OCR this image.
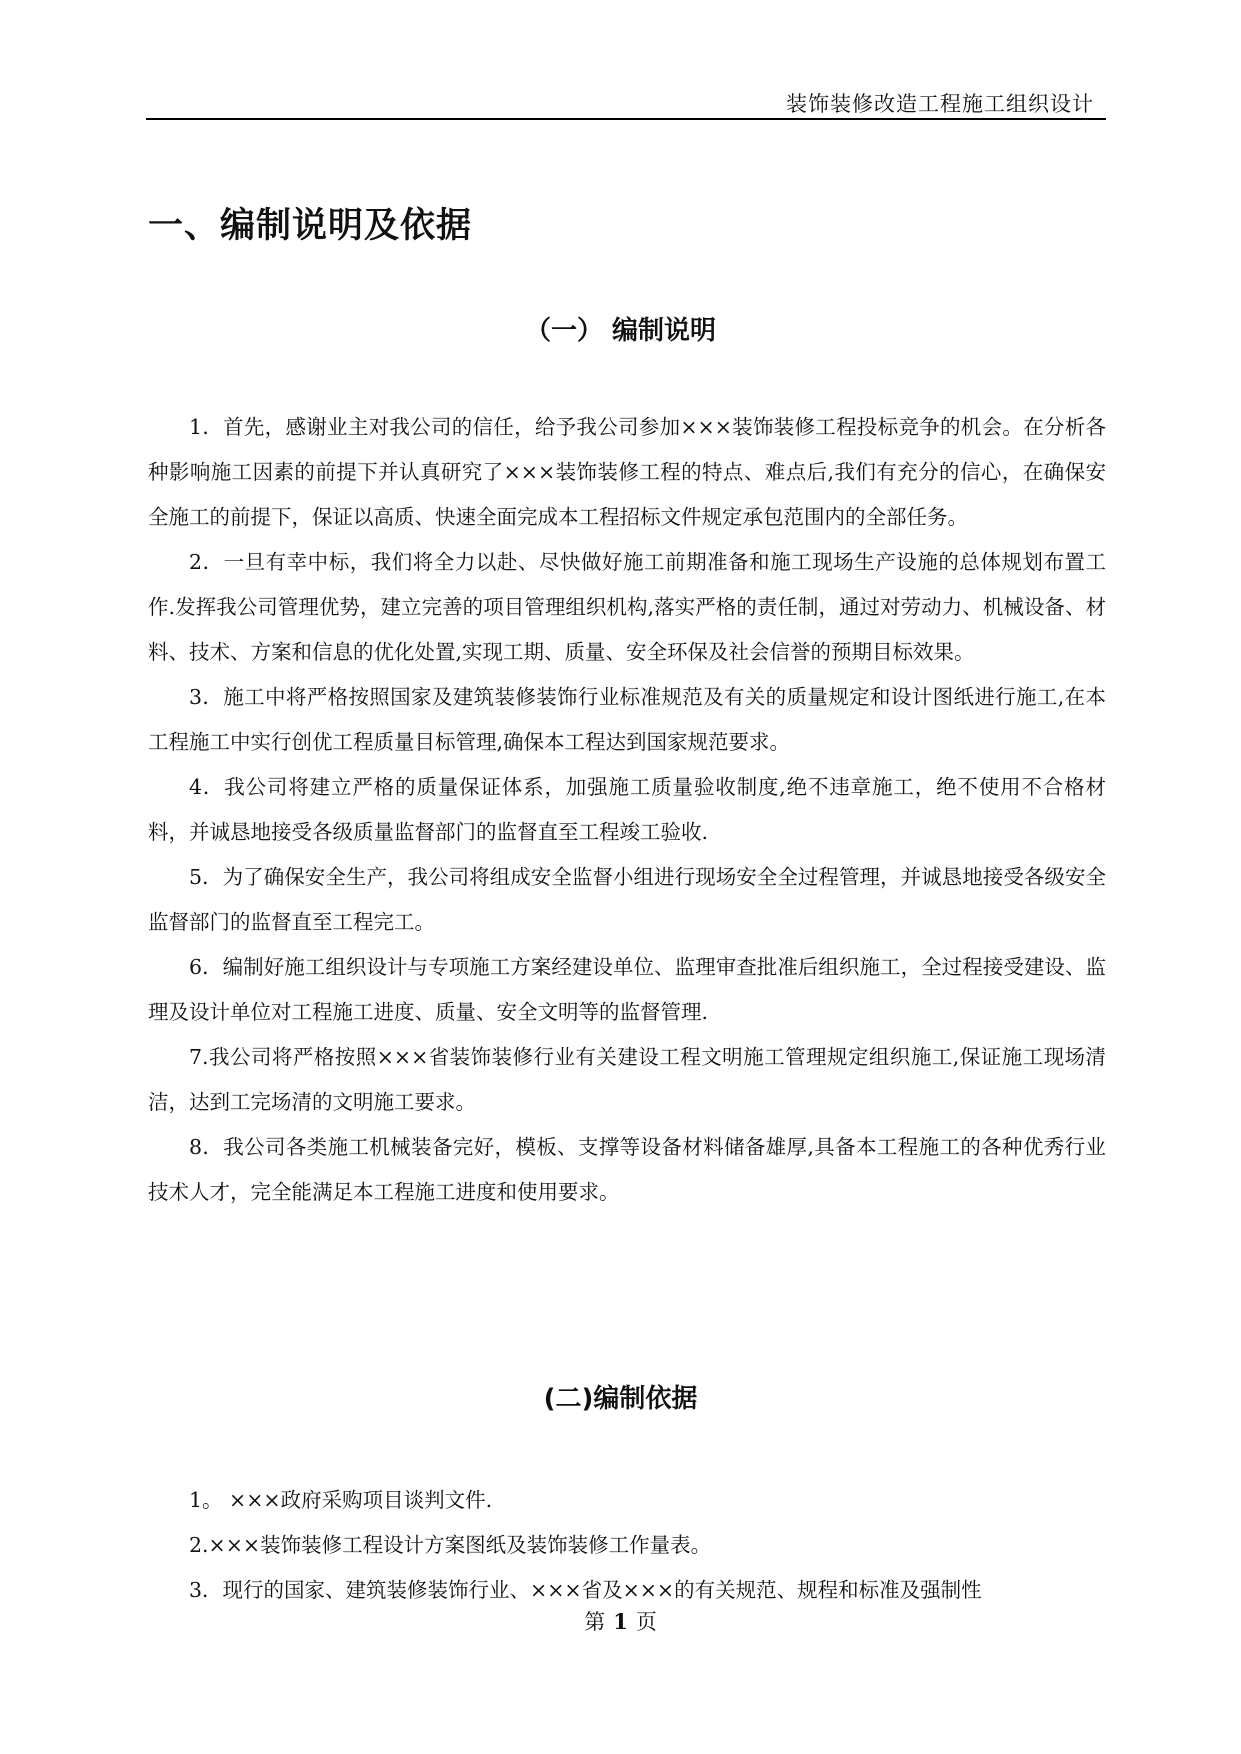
装饰装修改造工程施工组织设计
一、编制说明及依据
（一） 编制说明

1．首先，感谢业主对我公司的信任，给予我公司参加×××装饰装修工程投标竞争的机会。在分析各种影响施工因素的前提下并认真研究了×××装饰装修工程的特点、难点后,我们有充分的信心，在确保安全施工的前提下，保证以高质、快速全面完成本工程招标文件规定承包范围内的全部任务。

2．一旦有幸中标，我们将全力以赴、尽快做好施工前期准备和施工现场生产设施的总体规划布置工作.发挥我公司管理优势，建立完善的项目管理组织机构,落实严格的责任制，通过对劳动力、机械设备、材料、技术、方案和信息的优化处置,实现工期、质量、安全环保及社会信誉的预期目标效果。

3．施工中将严格按照国家及建筑装修装饰行业标准规范及有关的质量规定和设计图纸进行施工,在本工程施工中实行创优工程质量目标管理,确保本工程达到国家规范要求。

4．我公司将建立严格的质量保证体系，加强施工质量验收制度,绝不违章施工，绝不使用不合格材料，并诚恳地接受各级质量监督部门的监督直至工程竣工验收.

5．为了确保安全生产，我公司将组成安全监督小组进行现场安全全过程管理，并诚恳地接受各级安全监督部门的监督直至工程完工。

6．编制好施工组织设计与专项施工方案经建设单位、监理审查批准后组织施工，全过程接受建设、监理及设计单位对工程施工进度、质量、安全文明等的监督管理.

7.我公司将严格按照×××省装饰装修行业有关建设工程文明施工管理规定组织施工,保证施工现场清洁，达到工完场清的文明施工要求。

8．我公司各类施工机械装备完好，模板、支撑等设备材料储备雄厚,具备本工程施工的各种优秀行业技术人才，完全能满足本工程施工进度和使用要求。

(二)编制依据

1。 ×××政府采购项目谈判文件.

2.×××装饰装修工程设计方案图纸及装饰装修工作量表。

3．现行的国家、建筑装修装饰行业、×××省及×××的有关规范、规程和标准及强制性

第 1 页
